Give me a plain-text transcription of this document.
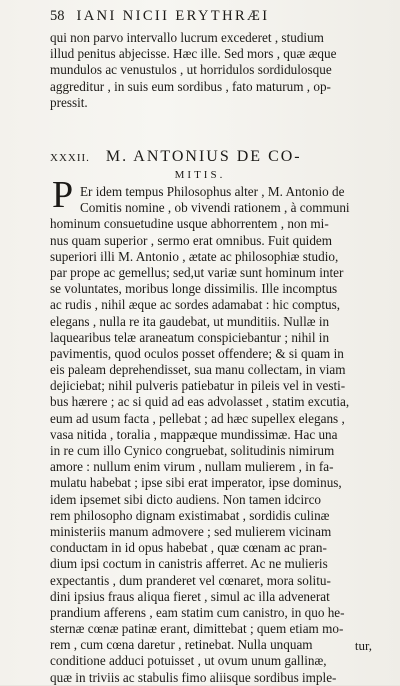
58 IANI NICII ERYTHRÆI
qui non parvo intervallo lucrum excederet , studium
illud penitus abjecisse. Hæc ille. Sed mors , quæ æque
mundulos ac venustulos , ut horridulos sordidulosque
aggreditur , in suis eum sordibus , fato maturum , op-
pressit.
XXXII. M. ANTONIUS DE CO-
MITIS.
P Er idem tempus Philosophus alter , M. Antonio de
Comitis nomine , ob vivendi rationem , à communi
hominum consuetudine usque abhorrentem , non mi-
nus quam superior , sermo erat omnibus. Fuit quidem
superiori illi M. Antonio , ætate ac philosophiæ studio,
par prope ac gemellus; sed,ut variæ sunt hominum inter
se voluntates, moribus longe dissimilis. Ille incomptus
ac rudis , nihil æque ac sordes adamabat : hic comptus,
elegans , nulla re ita gaudebat, ut munditiis. Nullæ in
laquearibus telæ araneatum conspiciebantur ; nihil in
pavimentis, quod oculos posset offendere; & si quam in
eis paleam deprehendisset, sua manu collectam, in viam
dejiciebat; nihil pulveris patiebatur in pileis vel in vesti-
bus hærere ; ac si quid ad eas advolasset , statim excutia,
eum ad usum facta , pellebat ; ad hæc supellex elegans ,
vasa nitida , toralia , mappæque mundissimæ. Hac una
in re cum illo Cynico congruebat, solitudinis nimirum
amore : nullum enim virum , nullam mulierem , in fa-
mulatu habebat ; ipse sibi erat imperator, ipse dominus,
idem ipsemet sibi dicto audiens. Non tamen idcirco
rem philosopho dignam existimabat , sordidis culinæ
ministeriis manum admovere ; sed mulierem vicinam
conductam in id opus habebat , quæ cœnam ac pran-
dium ipsi coctum in canistris afferret. Ac ne mulieris
expectantis , dum pranderet vel cœnaret, mora solitu-
dini ipsius fraus aliqua fieret , simul ac illa advenerat
prandium afferens , eam statim cum canistro, in quo he-
sternæ cœnæ patinæ erant, dimittebat ; quem etiam mo-
rem , cum cœna daretur , retinebat. Nulla unquam
conditione adduci potuisset , ut ovum unum gallinæ,
quæ in triviis ac stabulis fimo aliisque sordibus imple-
tur,
